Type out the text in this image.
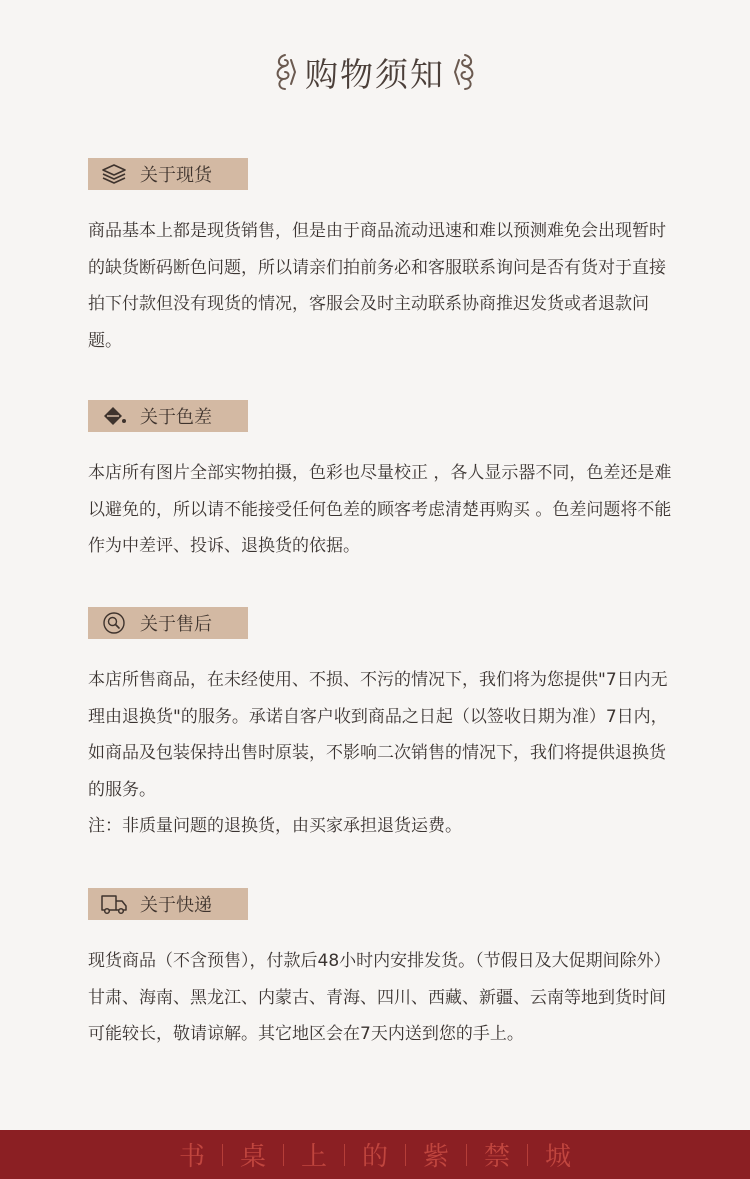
购物须知
关于现货

商品基本上都是现货销售，但是由于商品流动迅速和难以预测难免会出现暂时的缺货断码断色问题，所以请亲们拍前务必和客服联系询问是否有货对于直接拍下付款但没有现货的情况，客服会及时主动联系协商推迟发货或者退款问题。

关于色差

本店所有图片全部实物拍摄，色彩也尽量校正 ，各人显示器不同，色差还是难以避免的，所以请不能接受任何色差的顾客考虑清楚再购买 。色差问题将不能作为中差评、投诉、退换货的依据。

关于售后

本店所售商品，在未经使用、不损、不污的情况下，我们将为您提供"7日内无理由退换货"的服务。承诺自客户收到商品之日起（以签收日期为准）7日内，如商品及包装保持出售时原装，不影响二次销售的情况下，我们将提供退换货的服务。

注：非质量问题的退换货，由买家承担退货运费。

关于快递

现货商品（不含预售），付款后48小时内安排发货。（节假日及大促期间除外）甘肃、海南、黑龙江、内蒙古、青海、四川、西藏、新疆、云南等地到货时间可能较长，敬请谅解。其它地区会在7天内送到您的手上。

书	桌	上	的	紫	禁	城
